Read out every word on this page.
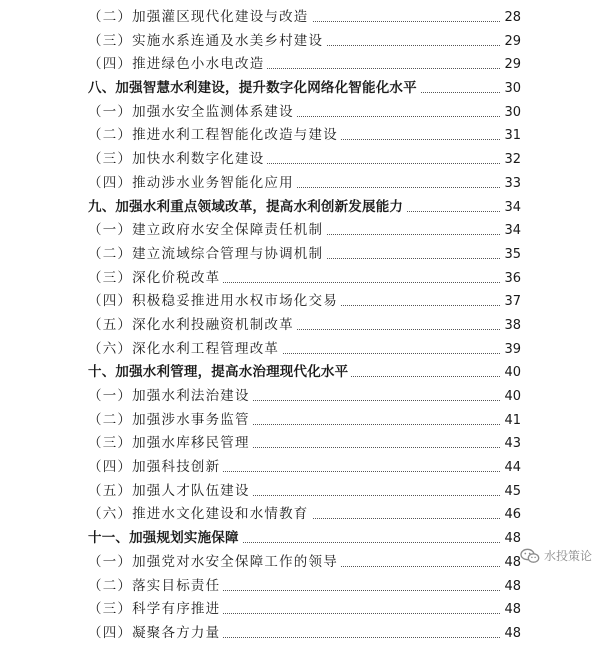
（二）加强灌区现代化建设与改造	28
（三）实施水系连通及水美乡村建设	29
（四）推进绿色小水电改造	29
八、加强智慧水利建设，提升数字化网络化智能化水平	30
（一）加强水安全监测体系建设	30
（二）推进水利工程智能化改造与建设	31
（三）加快水利数字化建设	32
（四）推动涉水业务智能化应用	33
九、加强水利重点领域改革，提高水利创新发展能力	34
（一）建立政府水安全保障责任机制	34
（二）建立流域综合管理与协调机制	35
（三）深化价税改革	36
（四）积极稳妥推进用水权市场化交易	37
（五）深化水利投融资机制改革	38
（六）深化水利工程管理改革	39
十、加强水利管理，提高水治理现代化水平	40
（一）加强水利法治建设	40
（二）加强涉水事务监管	41
（三）加强水库移民管理	43
（四）加强科技创新	44
（五）加强人才队伍建设	45
（六）推进水文化建设和水情教育	46
十一、加强规划实施保障	48
（一）加强党对水安全保障工作的领导	48
（二）落实目标责任	48
（三）科学有序推进	48
（四）凝聚各方力量	48
水投策论
